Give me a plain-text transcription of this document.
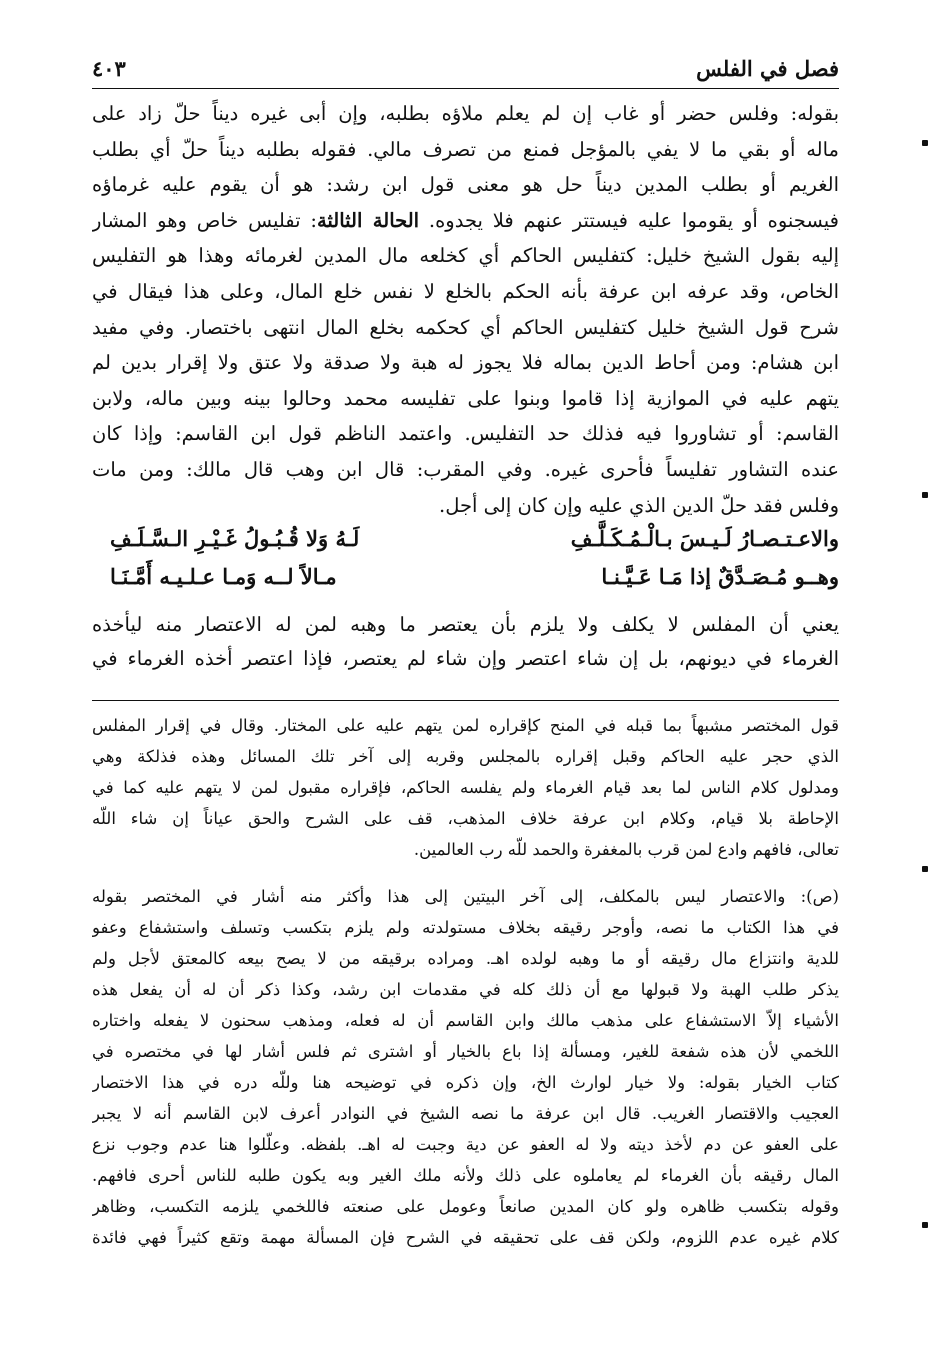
فصل في الفلس
٤٠٣
بقوله: وفلس حضر أو غاب إن لم يعلم ملاؤه بطلبه، وإن أبى غيره ديناً حلّ زاد على
ماله أو بقي ما لا يفي بالمؤجل فمنع من تصرف مالي. فقوله بطلبه ديناً حلّ أي بطلب
الغريم أو بطلب المدين ديناً حل هو معنى قول ابن رشد: هو أن يقوم عليه غرماؤه
فيسجنوه أو يقوموا عليه فيستتر عنهم فلا يجدوه. الحالة الثالثة: تفليس خاص وهو المشار
إليه بقول الشيخ خليل: كتفليس الحاكم أي كخلعه مال المدين لغرمائه وهذا هو التفليس
الخاص، وقد عرفه ابن عرفة بأنه الحكم بالخلع لا نفس خلع المال، وعلى هذا فيقال في
شرح قول الشيخ خليل كتفليس الحاكم أي كحكمه بخلع المال انتهى باختصار. وفي مفيد
ابن هشام: ومن أحاط الدين بماله فلا يجوز له هبة ولا صدقة ولا عتق ولا إقرار بدين لم
يتهم عليه في الموازية إذا قاموا وبنوا على تفليسه محمد وحالوا بينه وبين ماله، ولابن
القاسم: أو تشاوروا فيه فذلك حد التفليس. واعتمد الناظم قول ابن القاسم: وإذا كان
عنده التشاور تفليساً فأحرى غيره. وفي المقرب: قال ابن وهب قال مالك: ومن مات
وفلس فقد حلّ الدين الذي عليه وإن كان إلى أجل.
والاعـتـصـارُ لَـيـسَ بـالْـمُـكَـلَّـفِ
لَـهُ وَلا قُـبُـولُ غَـيْـرِ الـسَّـلَـفِ
وهــو مُـصَـدَّقٌ إذا مَـا عَـيَّـنـا
مـالاً لــه وَمـا عـلـيـه أَمَّـنَـا
يعني أن المفلس لا يكلف ولا يلزم بأن يعتصر ما وهبه لمن له الاعتصار منه ليأخذه
الغرماء في ديونهم، بل إن شاء اعتصر وإن شاء لم يعتصر، فإذا اعتصر أخذه الغرماء في
قول المختصر مشبهاً بما قبله في المنح كإقراره لمن يتهم عليه على المختار. وقال في إقرار المفلس
الذي حجر عليه الحاكم وقبل إقراره بالمجلس وقربه إلى آخر تلك المسائل وهذه فذلكة وهي
ومدلول كلام الناس لما بعد قيام الغرماء ولم يفلسه الحاكم، فإقراره مقبول لمن لا يتهم عليه كما في
الإحاطة بلا قيام، وكلام ابن عرفة خلاف المذهب، قف على الشرح والحق عياناً إن شاء اللّه
تعالى، فافهم وادع لمن قرب بالمغفرة والحمد للّه رب العالمين.
(ص): والاعتصار ليس بالمكلف، إلى آخر البيتين إلى هذا وأكثر منه أشار في المختصر بقوله
في هذا الكتاب ما نصه، وأوجر رقيقه بخلاف مستولدته ولم يلزم بتكسب وتسلف واستشفاع وعفو
للدية وانتزاع مال رقيقه أو ما وهبه لولده اهـ. ومراده برقيقه من لا يصح بيعه كالمعتق لأجل ولم
يذكر طلب الهبة ولا قبولها مع أن ذلك كله في مقدمات ابن رشد، وكذا ذكر أن له أن يفعل هذه
الأشياء إلاّ الاستشفاع على مذهب مالك وابن القاسم أن له فعله، ومذهب سحنون لا يفعله واختاره
اللخمي لأن هذه شفعة للغير، ومسألة إذا باع بالخيار أو اشترى ثم فلس أشار لها في مختصره في
كتاب الخيار بقوله: ولا خيار لوارث الخ، وإن ذكره في توضيحه هنا وللّه دره في هذا الاختصار
العجيب والاقتصار الغريب. قال ابن عرفة ما نصه الشيخ في النوادر أعرف لابن القاسم أنه لا يجبر
على العفو عن دم لأخذ ديته ولا له العفو عن دية وجبت له اهـ. بلفظه. وعلّلوا هنا عدم وجوب نزع
المال رقيقه بأن الغرماء لم يعاملوه على ذلك ولأنه ملك الغير وبه يكون طلبه للناس أحرى فافهم.
وقوله بتكسب ظاهره ولو كان المدين صانعاً وعومل على صنعته فاللخمي يلزمه التكسب، وظاهر
كلام غيره عدم اللزوم، ولكن قف على تحقيقه في الشرح فإن المسألة مهمة وتقع كثيراً فهي فائدة
